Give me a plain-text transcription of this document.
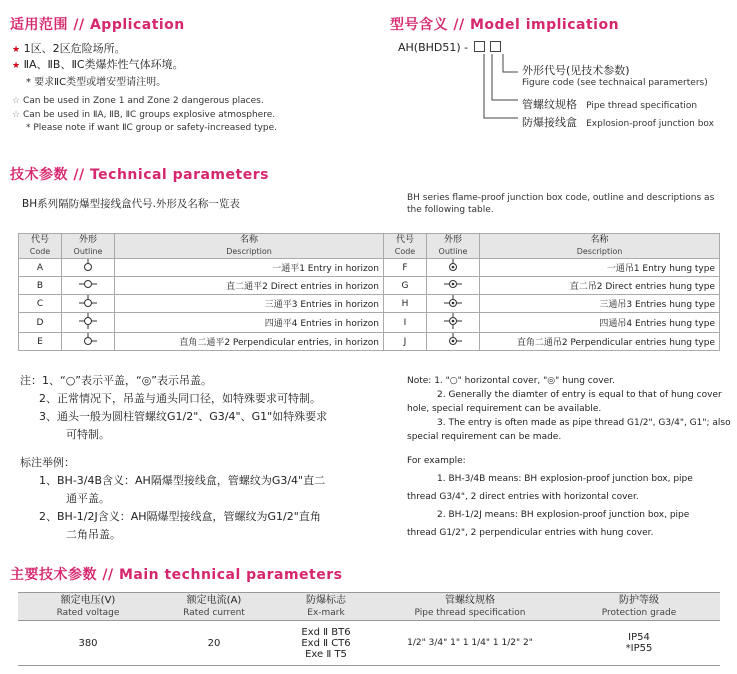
适用范围 // Application
★ 1区、2区危险场所。
★ ⅡA、ⅡB、ⅡC类爆炸性气体环境。
* 要求ⅡC类型或增安型请注明。
☆ Can be used in Zone 1 and Zone 2 dangerous places.
☆ Can be used in ⅡA, ⅡB, ⅡC groups explosive atmosphere.
* Please note if want ⅡC group or safety-increased type.
型号含义 // Model implication
AH(BHD51) -
外形代号(见技术参数)
Figure code (see technaical paramerters)
管螺纹规格 Pipe thread specification
防爆接线盒 Explosion-proof junction box
技术参数 // Technical parameters
BH系列隔防爆型接线盒代号.外形及名称一览表	BH series flame-proof junction box code, outline and descriptions as
the following table.
代号
Code	外形
Outline	名称
Description	代号
Code	外形
Outline	名称
Description
A		一通平1 Entry in horizon	F		一通吊1 Entry hung type
B		直二通平2 Direct entries in horizon	G		直二吊2 Direct entries hung type
C		三通平3 Entries in horizon	H		三通吊3 Entries hung type
D		四通平4 Entries in horizon	I		四通吊4 Entries hung type
E		直角二通平2 Perpendicular entries, in horizon	J		直角二通吊2 Perpendicular entries hung type

注：1、“○”表示平盖，“◎”表示吊盖。

2、正常情况下，吊盖与通头同口径，如特殊要求可特制。

3、通头一般为圆柱管螺纹G1/2"、G3/4"、G1"如特殊要求

可特制。

标注举例：

1、BH-3/4B含义：AH隔爆型接线盒，管螺纹为G3/4"直二

通平盖。

2、BH-1/2J含义：AH隔爆型接线盒，管螺纹为G1/2"直角

二角吊盖。

Note: 1. "○" horizontal cover, "◎" hung cover.

2. Generally the diamter of entry is equal to that of hung cover

hole, special requirement can be available.

3. The entry is often made as pipe thread G1/2", G3/4", G1"; also

special requirement can be made.

For example:

1. BH-3/4B means: BH explosion-proof junction box, pipe

thread G3/4", 2 direct entries with horizontal cover.

2. BH-1/2J means: BH explosion-proof junction box, pipe

thread G1/2", 2 perpendicular entries with hung cover.

主要技术参数 // Main technical parameters
额定电压(V)
Rated voltage	额定电流(A)
Rated current	防爆标志
Ex-mark	管螺纹规格
Pipe thread specification	防护等级
Protection grade
380	20	Exd Ⅱ BT6
Exd Ⅱ CT6
Exe Ⅱ T5	1/2" 3/4" 1" 1 1/4" 1 1/2" 2"	IP54
*IP55
